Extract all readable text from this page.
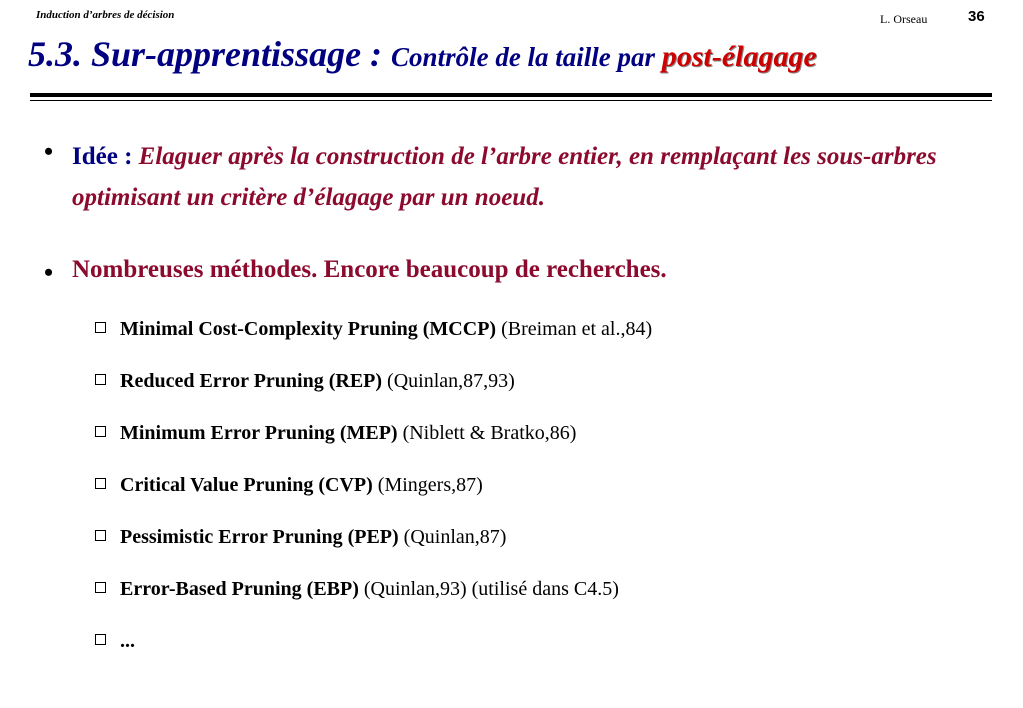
Induction d’arbres de décision	L. Orseau	36
5.3. Sur-apprentissage : Contrôle de la taille par post-élagage
• Idée : Elaguer après la construction de l’arbre entier, en remplaçant les sous-arbres optimisant un critère d’élagage par un noeud.
• Nombreuses méthodes. Encore beaucoup de recherches.
Minimal Cost-Complexity Pruning (MCCP) (Breiman et al.,84)
Reduced Error Pruning (REP) (Quinlan,87,93)
Minimum Error Pruning (MEP) (Niblett & Bratko,86)
Critical Value Pruning (CVP) (Mingers,87)
Pessimistic Error Pruning (PEP) (Quinlan,87)
Error-Based Pruning (EBP) (Quinlan,93) (utilisé dans C4.5)
...
